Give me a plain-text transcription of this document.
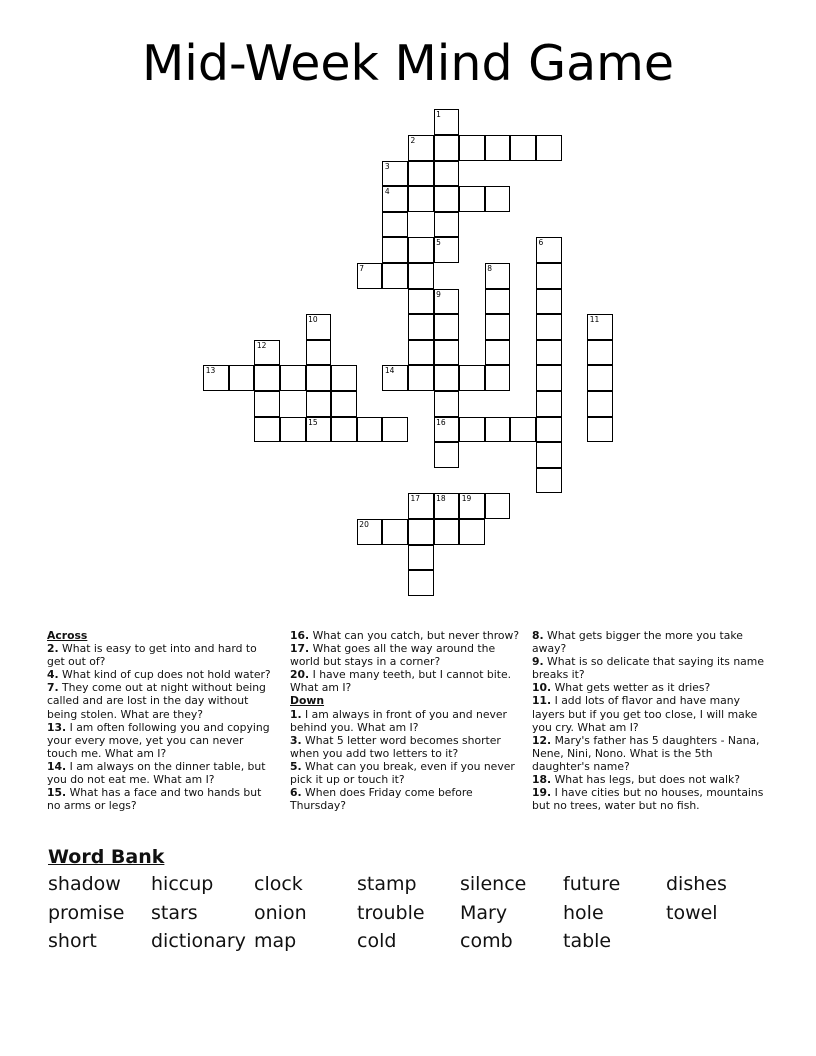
Mid-Week Mind Game
1
2
3
4
5	6
7	8
9
10	11
12
13	14
15	16
17 18 19
20
Across
2. What is easy to get into and hard to get out of?
4. What kind of cup does not hold water?
7. They come out at night without being called and are lost in the day without being stolen. What are they?
13. I am often following you and copying your every move, yet you can never touch me. What am I?
14. I am always on the dinner table, but you do not eat me. What am I?
15. What has a face and two hands but no arms or legs?
16. What can you catch, but never throw?
17. What goes all the way around the world but stays in a corner?
20. I have many teeth, but I cannot bite. What am I?
Down
1. I am always in front of you and never behind you. What am I?
3. What 5 letter word becomes shorter when you add two letters to it?
5. What can you break, even if you never pick it up or touch it?
6. When does Friday come before Thursday?
8. What gets bigger the more you take away?
9. What is so delicate that saying its name breaks it?
10. What gets wetter as it dries?
11. I add lots of flavor and have many layers but if you get too close, I will make you cry. What am I?
12. Mary's father has 5 daughters - Nana, Nene, Nini, Nono. What is the 5th daughter's name?
18. What has legs, but does not walk?
19. I have cities but no houses, mountains but no trees, water but no fish.
Word Bank
shadow	hiccup	clock	stamp	silence	future	dishes
promise	stars	onion	trouble	Mary	hole	towel
short	dictionary map	cold	comb	table
